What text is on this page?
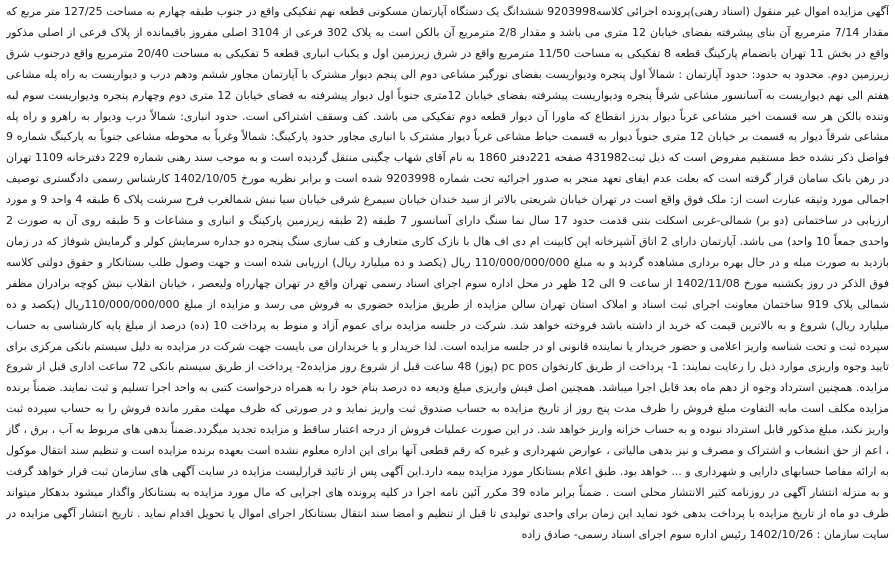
آگهی مزایده اموال غیر منقول (اسناد رهنی)پرونده اجرائی کلاسه9203998 ششدانگ یک دستگاه آپارتمان مسکونی قطعه نهم تفکیکی واقع در جنوب طبقه چهارم به مساحت 127/25 متر مربع که مقدار 7/14 مترمربع آن بنای پیشرفته بفضای خیابان 12 متری می باشد و مقدار 2/8 مترمربع آن بالکن است به پلاک 302 فرعی از 3104 اصلی مفروز باقیمانده از پلاک فرعی از اصلی مذکور واقع در بخش 11 تهران بانضمام پارکینگ قطعه 8 تفکیکی به مساحت 11/50 مترمربع واقع در شرق زیرزمین اول و یکباب انباری قطعه 5 تفکیکی به مساحت 20/40 مترمربع واقع درجنوب شرق زیرزمین دوم. محدود به حدود: حدود آپارتمان : شمالاً اول پنجره ودیواریست بفضای نورگیر مشاعی دوم الی پنجم دیوار مشترک با آپارتمان مجاور ششم ودهم درب و دیواریست به راه پله مشاعی هفتم الی نهم دیواریست به آسانسور مشاعی شرقاً پنجره ودیواریست پیشرفته بفضای خیابان 12متری جنوباً اول دیوار پیشرفته به فضای خیابان 12 متری دوم وچهارم پنجره ودیواریست سوم لبه وتنده بالکن هر سه قسمت اخیر مشاعی غرباً دیوار بدرز انقطاع که ماورا آن دیوار قطعه دوم تفکیکی می باشد. کف وسقف اشتراکی است. حدود انباری: شمالاً درب ودیوار به راهرو و راه پله مشاعی شرقاً دیوار به قسمت بر خیابان 12 متری جنوباً دیوار به قسمت حیاط مشاعی غرباً دیوار مشترک با انباری مجاور حدود پارکینگ: شمالاً وغرباً به محوطه مشاعی جنوباً به پارکینگ شماره 9 فواصل ذکر نشده خط مستقیم مفروض است که ذیل ثبت431982 صفحه 221دفتر 1860 به نام آقای شهاب چگینی منتقل گردیده است و به موجب سند رهنی شماره 229 دفترخانه 1109 تهران در رهن بانک سامان قرار گرفته است که بعلت عدم ایفای تعهد منجر به صدور اجرائیه تحت شماره 9203998 شده است و برابر نظریه مورخ 1402/10/05 کارشناس رسمی دادگستری توصیف اجمالی مورد وثیقه عبارت است از: ملک فوق واقع است در تهران خیابان شریعتی بالاتر از سید خندان خیابان سیمرغ شرقی خیابان سیا نبش شمالغرب فرح سرشت پلاک 6 طبقه 4 واحد 9 و مورد ارزیابی در ساختمانی (دو بر) شمالی-غربی اسکلت بتنی قدمت حدود 17 سال نما سنگ دارای آسانسور 7 طبقه (2 طبقه زیرزمین پارکینگ و انباری و مشاعات و 5 طبقه روی آن به صورت 2 واحدی جمعاً 10 واحد) می باشد. آپارتمان دارای 2 اتاق آشپزخانه اپن کابینت ام دی اف هال با نازک کاری متعارف و کف سازی سنگ پنجره دو جداره سرمایش کولر و گرمایش شوفاژ که در زمان بازدید به صورت مبله و در حال بهره برداری مشاهده گردید و به مبلغ 110/000/000/000 ریال (یکصد و ده میلیارد ریال) ارزیابی شده است و جهت وصول طلب بستانکار و حقوق دولتی کلاسه فوق الذکر در روز یکشنبه مورخ 1402/11/08 از ساعت 9 الی 12 ظهر در محل اداره سوم اجرای اسناد رسمی تهران واقع در تهران چهارراه ولیعصر ، خیابان انقلاب نبش کوچه برادران مظفر شمالی پلاک 919 ساختمان معاونت اجرای ثبت اسناد و املاک استان تهران سالن مزایده از طریق مزایده حضوری به فروش می رسد و مزایده از مبلغ 110/000/000/000ریال (یکصد و ده میلیارد ریال) شروع و به بالاترین قیمت که خرید از داشته باشد فروخته خواهد شد. شرکت در جلسه مزایده برای عموم آزاد و منوط به پرداخت 10 (ده) درصد از مبلغ پایه کارشناسی به حساب سپرده ثبت و تحت شناسه واریز اعلامی و حضور خریدار یا نماینده قانونی او در جلسه مزایده است. لذا خریدار و یا خریداران می بایست جهت شرکت در مزایده به دلیل سیستم بانکی مرکزی برای تایید وجوه واریزی موارد ذیل را رعایت نمایند: 1- پرداخت از طریق کارتخوان pc pos (پوز) 48 ساعت قبل از شروع روز مزایده2- پرداخت از طریق سیستم بانکی 72 ساعت اداری قبل از شروع مزایده. همچنین استرداد وجوه از دهم ماه بعد قابل اجرا میباشد. همچنین اصل فیش واریزی مبلغ ودیعه ده درصد بنام خود را به همراه درخواست کتبی به واحد اجرا تسلیم و ثبت نمایند. ضمناً برنده مزایده مکلف است مابه التفاوت مبلغ فروش را ظرف مدت پنج روز از تاریخ مزایده به حساب صندوق ثبت واریز نماید و در صورتی که ظرف مهلت مقرر مانده فروش را به حساب سپرده ثبت واریز نکند، مبلغ مذکور قابل استرداد نبوده و به حساب خزانه واریز خواهد شد. در این صورت عملیات فروش از درجه اعتبار ساقط و مزایده تجدید میگردد.ضمناً بدهی های مربوط به آب ، برق ، گاز ، اعم از حق انشعاب و اشتراک و مصرف و نیز بدهی مالیاتی ، عوارض شهرداری و غیره که رقم قطعی آنها برای این اداره معلوم نشده است بعهده برنده مزایده است و تنظیم سند انتقال موکول به ارائه مفاصا حسابهای دارایی و شهرداری و ... خواهد بود. طبق اعلام بستانکار مورد مزایده بیمه دارد.این آگهی پس از تائید قرارلیست مزایده در سایت آگهی های سازمان ثبت قرار خواهد گرفت و به منزله انتشار آگهی در روزنامه کثیر الانتشار محلی است . ضمناً برابر ماده 39 مکرر آئین نامه اجرا در کلیه پرونده های اجرایی که مال مورد مزایده به بستانکار واگذار میشود بدهکار میتواند ظرف دو ماه از تاریخ مزایده با پرداخت بدهی خود نماید این زمان برای واحدی تولیدی تا قبل از تنظیم و امضا سند انتقال بستانکار اجرای اموال یا تحویل اقدام نماید . تاریخ انتشار آگهی مزایده در سایت سازمان : 1402/10/26 رئیس اداره سوم اجرای اسناد رسمی- صادق زاده
